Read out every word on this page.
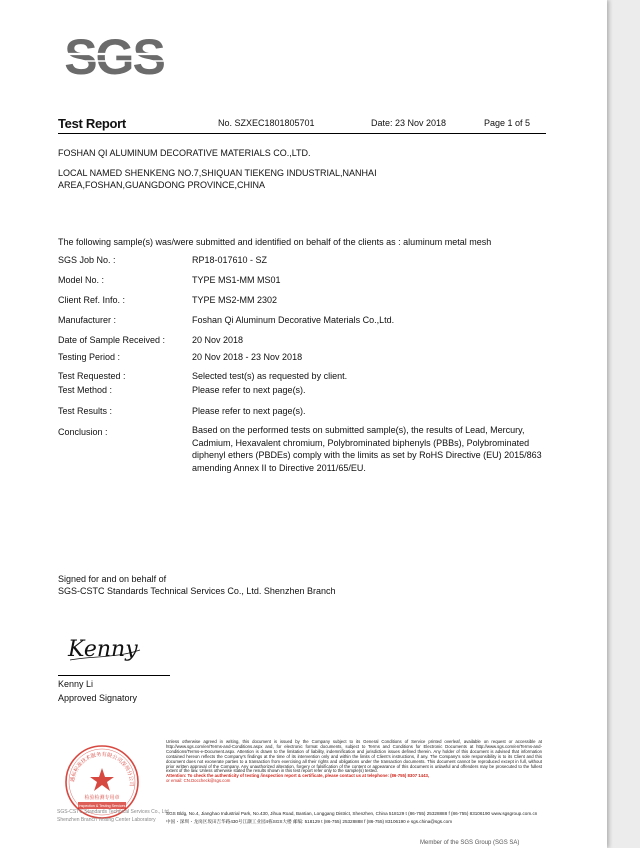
SGS
Test Report	No. SZXEC1801805701	Date: 23 Nov 2018	Page 1 of 5
FOSHAN QI ALUMINUM DECORATIVE MATERIALS CO.,LTD.
LOCAL NAMED SHENKENG NO.7,SHIQUAN TIEKENG INDUSTRIAL,NANHAI
AREA,FOSHAN,GUANGDONG PROVINCE,CHINA
The following sample(s) was/were submitted and identified on behalf of the clients as : aluminum metal mesh
SGS Job No. :	RP18-017610 - SZ
Model No. :	TYPE MS1-MM MS01
Client Ref. Info. :	TYPE MS2-MM 2302
Manufacturer :	Foshan Qi Aluminum Decorative Materials Co.,Ltd.
Date of Sample Received :	20 Nov 2018
Testing Period :	20 Nov 2018 - 23 Nov 2018
Test Requested :	Selected test(s) as requested by client.
Test Method :	Please refer to next page(s).
Test Results :	Please refer to next page(s).
Conclusion :	Based on the performed tests on submitted sample(s), the results of Lead, Mercury, Cadmium, Hexavalent chromium, Polybrominated biphenyls (PBBs), Polybrominated diphenyl ethers (PBDEs) comply with the limits as set by RoHS Directive (EU) 2015/863 amending Annex II to Directive 2011/65/EU.
Signed for and on behalf of
SGS-CSTC Standards Technical Services Co., Ltd. Shenzhen Branch
Kenny
Kenny Li
Approved Signatory
通标标准技术服务有限公司深圳分公司
检验检测专用章
Inspection & Testing Services
SGS-CSTC Standards Technical Services Co., Ltd.
Shenzhen Branch Testing Center Laboratory
Unless otherwise agreed in writing, this document is issued by the Company subject to its General Conditions of Service printed overleaf, available on request or accessible at http://www.sgs.com/en/Terms-and-Conditions.aspx and, for electronic format documents, subject to Terms and Conditions for Electronic Documents at http://www.sgs.com/en/Terms-and-Conditions/Terms-e-Document.aspx. Attention is drawn to the limitation of liability, indemnification and jurisdiction issues defined therein. Any holder of this document is advised that information contained hereon reflects the Company's findings at the time of its intervention only and within the limits of Client's instructions, if any. The Company's sole responsibility is to its Client and this document does not exonerate parties to a transaction from exercising all their rights and obligations under the transaction documents. This document cannot be reproduced except in full, without prior written approval of the Company. Any unauthorized alteration, forgery or falsification of the content or appearance of this document is unlawful and offenders may be prosecuted to the fullest extent of the law. Unless otherwise stated the results shown in this test report refer only to the sample(s) tested.
Attention: To check the authenticity of testing /inspection report & certificate, please contact us at telephone: (86-755) 8307 1443,
or email: CN.Doccheck@sgs.com
SGS Bldg, No.4, Jianghao Industrial Park, No.430, Jihua Road, Bantian, Longgang District, Shenzhen, China 518129 t (86-755) 25328888 f (86-755) 83106190 www.sgsgroup.com.cn
中国・深圳・龙岗区坂田吉华路430号江灏工业园4栋SGS大楼 邮编: 518129 t (86-755) 25328888 f (86-755) 83106190 e sgs.china@sgs.com
Member of the SGS Group (SGS SA)
